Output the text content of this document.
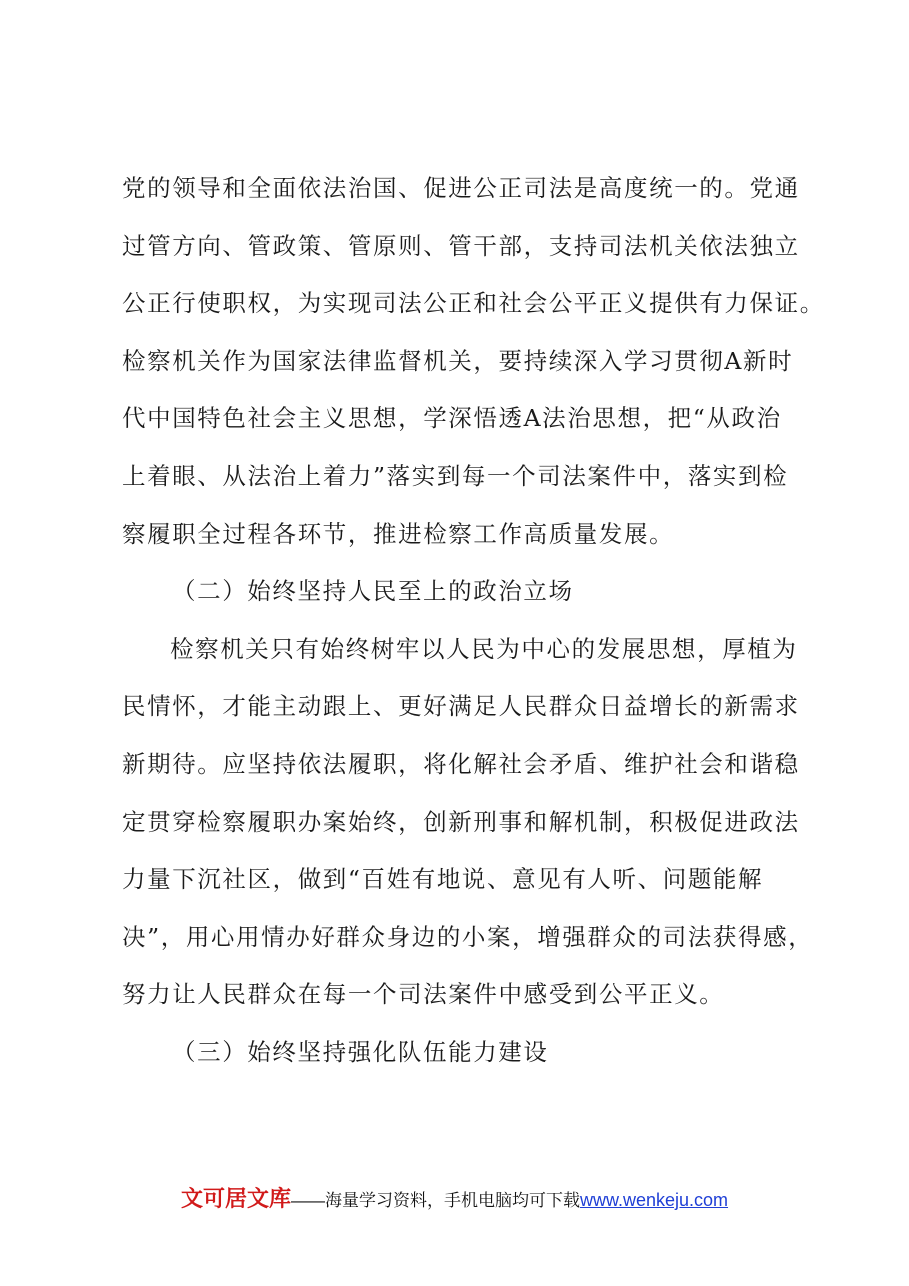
党的领导和全面依法治国、促进公正司法是高度统一的。党通
过管方向、管政策、管原则、管干部，支持司法机关依法独立
公正行使职权，为实现司法公正和社会公平正义提供有力保证。
检察机关作为国家法律监督机关，要持续深入学习贯彻A新时
代中国特色社会主义思想，学深悟透A法治思想，把“从政治
上着眼、从法治上着力”落实到每一个司法案件中，落实到检
察履职全过程各环节，推进检察工作高质量发展。
（二）始终坚持人民至上的政治立场
检察机关只有始终树牢以人民为中心的发展思想，厚植为
民情怀，才能主动跟上、更好满足人民群众日益增长的新需求
新期待。应坚持依法履职，将化解社会矛盾、维护社会和谐稳
定贯穿检察履职办案始终，创新刑事和解机制，积极促进政法
力量下沉社区，做到“百姓有地说、意见有人听、问题能解
决”，用心用情办好群众身边的小案，增强群众的司法获得感，
努力让人民群众在每一个司法案件中感受到公平正义。
（三）始终坚持强化队伍能力建设
文可居文库——海量学习资料，手机电脑均可下载www.wenkeju.com
